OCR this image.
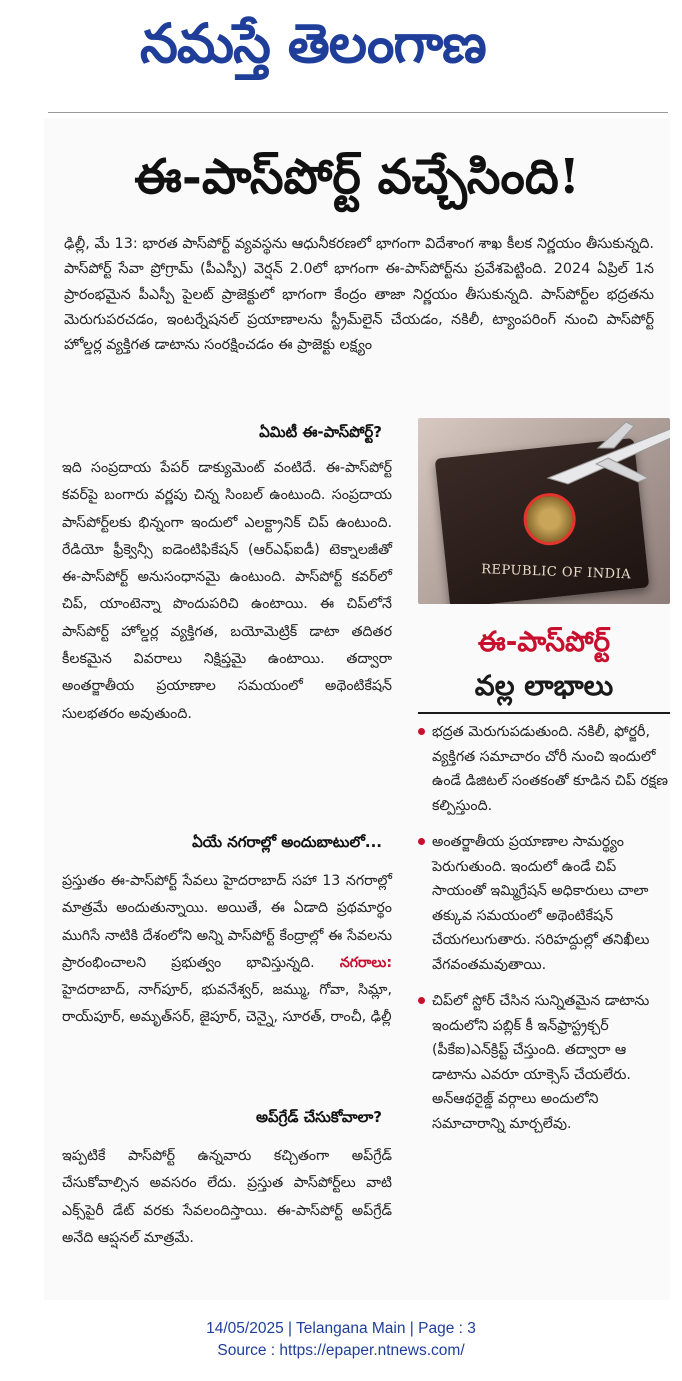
నమస్తే తెలంగాణ
ఈ-పాస్‌పోర్ట్ వచ్చేసింది!
ఢిల్లీ, మే 13: భారత పాస్‌పోర్ట్ వ్యవస్థను ఆధునీకరణలో భాగంగా విదేశాంగ శాఖ కీలక నిర్ణయం తీసుకున్నది. పాస్‌పోర్ట్ సేవా ప్రోగ్రామ్ (పీఎస్పీ) వెర్షన్ 2.0లో భాగంగా ఈ-పాస్‌పోర్ట్‌ను ప్రవేశపెట్టింది. 2024 ఏప్రిల్ 1న ప్రారంభమైన పీఎస్పీ పైలట్ ప్రాజెక్టులో భాగంగా కేంద్రం తాజా నిర్ణయం తీసుకున్నది. పాస్‌పోర్ట్‌ల భద్రతను మెరుగుపరచడం, ఇంటర్నేషనల్ ప్రయాణాలను స్ట్రీమ్‌లైన్ చేయడం, నకిలీ, ట్యాంపరింగ్ నుంచి పాస్‌పోర్ట్ హోల్డర్ల వ్యక్తిగత డాటాను సంరక్షించడం ఈ ప్రాజెక్టు లక్ష్యం
ఏమిటీ ఈ-పాస్‌పోర్ట్?
ఇది సంప్రదాయ పేపర్ డాక్యుమెంట్ వంటిదే. ఈ-పాస్‌పోర్ట్ కవర్‌పై బంగారు వర్ణపు చిన్న సింబల్ ఉంటుంది. సంప్రదాయ పాస్‌పోర్ట్‌లకు భిన్నంగా ఇందులో ఎలక్ట్రానిక్ చిప్ ఉంటుంది. రేడియో ఫ్రీక్వెన్సీ ఐడెంటిఫికేషన్ (ఆర్ఎఫ్ఐడీ) టెక్నాలజీతో ఈ-పాస్‌పోర్ట్ అనుసంధానమై ఉంటుంది. పాస్‌పోర్ట్ కవర్‌లో చిప్, యాంటెన్నా పొందుపరిచి ఉంటాయి. ఈ చిప్‌లోనే పాస్‌పోర్ట్ హోల్డర్ల వ్యక్తిగత, బయోమెట్రిక్ డాటా తదితర కీలకమైన వివరాలు నిక్షిప్తమై ఉంటాయి. తద్వారా అంతర్జాతీయ ప్రయాణాల సమయంలో అథెంటికేషన్ సులభతరం అవుతుంది.
ఏయే నగరాల్లో అందుబాటులో...
ప్రస్తుతం ఈ-పాస్‌పోర్ట్ సేవలు హైదరాబాద్ సహా 13 నగరాల్లో మాత్రమే అందుతున్నాయి. అయితే, ఈ ఏడాది ప్రథమార్థం ముగిసే నాటికి దేశంలోని అన్ని పాస్‌పోర్ట్ కేంద్రాల్లో ఈ సేవలను ప్రారంభించాలని ప్రభుత్వం భావిస్తున్నది. నగరాలు: హైదరాబాద్, నాగ్‌పూర్, భువనేశ్వర్, జమ్ము, గోవా, సిమ్లా, రాయ్‌పూర్, అమృత్‌సర్, జైపూర్, చెన్నై, సూరత్, రాంచీ, ఢిల్లీ
అప్‌గ్రేడ్ చేసుకోవాలా?
ఇప్పటికే పాస్‌పోర్ట్ ఉన్నవారు కచ్చితంగా అప్‌గ్రేడ్ చేసుకోవాల్సిన అవసరం లేదు. ప్రస్తుత పాస్‌పోర్ట్‌లు వాటి ఎక్స్‌పైరీ డేట్ వరకు సేవలందిస్తాయి. ఈ-పాస్‌పోర్ట్ అప్‌గ్రేడ్ అనేది ఆప్షనల్ మాత్రమే.
REPUBLIC OF INDIA
ఈ-పాస్‌పోర్ట్
వల్ల లాభాలు
భద్రత మెరుగుపడుతుంది. నకిలీ, ఫోర్జరీ, వ్యక్తిగత సమాచారం చోరీ నుంచి ఇందులో ఉండే డిజిటల్ సంతకంతో కూడిన చిప్ రక్షణ కల్పిస్తుంది.
అంతర్జాతీయ ప్రయాణాల సామర్థ్యం పెరుగుతుంది. ఇందులో ఉండే చిప్ సాయంతో ఇమ్మిగ్రేషన్ అధికారులు చాలా తక్కువ సమయంలో అథెంటికేషన్ చేయగలుగుతారు. సరిహద్దుల్లో తనిఖీలు వేగవంతమవుతాయి.
చిప్‌లో స్టోర్ చేసిన సున్నితమైన డాటాను ఇందులోని పబ్లిక్ కీ ఇన్‌ఫ్రాస్ట్రక్చర్ (పీకేఐ)ఎన్‌క్రిప్ట్ చేస్తుంది. తద్వారా ఆ డాటాను ఎవరూ యాక్సెస్ చేయలేరు. అన్‌ఆథరైజ్డ్ వర్గాలు అందులోని సమాచారాన్ని మార్చలేవు.
14/05/2025 | Telangana Main | Page : 3
Source : https://epaper.ntnews.com/
